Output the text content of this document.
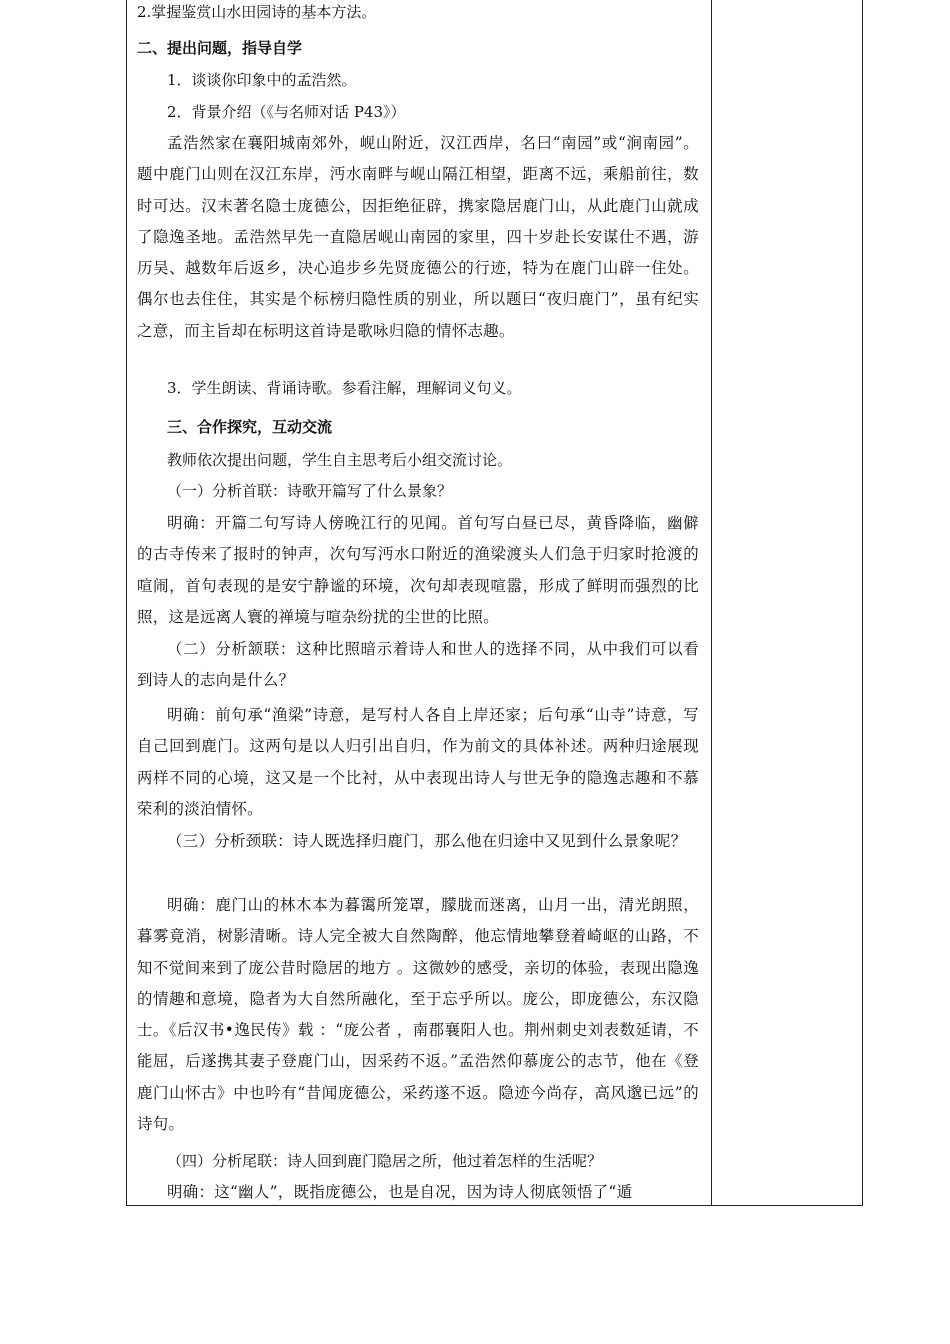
2.掌握鉴赏山水田园诗的基本方法。
二、提出问题，指导自学
1．谈谈你印象中的孟浩然。
2．背景介绍（《与名师对话 P43》）
孟浩然家在襄阳城南郊外，岘山附近，汉江西岸，名曰“南园”或“涧南园”。题中鹿门山则在汉江东岸，沔水南畔与岘山隔江相望，距离不远，乘船前往，数时可达。汉末著名隐士庞德公，因拒绝征辟，携家隐居鹿门山，从此鹿门山就成了隐逸圣地。孟浩然早先一直隐居岘山南园的家里，四十岁赴长安谋仕不遇，游历吴、越数年后返乡，决心追步乡先贤庞德公的行迹，特为在鹿门山辟一住处。偶尔也去住住，其实是个标榜归隐性质的别业，所以题曰“夜归鹿门”，虽有纪实之意，而主旨却在标明这首诗是歌咏归隐的情怀志趣。
3．学生朗读、背诵诗歌。参看注解，理解词义句义。
三、合作探究，互动交流
教师依次提出问题，学生自主思考后小组交流讨论。
（一）分析首联：诗歌开篇写了什么景象？
明确：开篇二句写诗人傍晚江行的见闻。首句写白昼已尽，黄昏降临，幽僻的古寺传来了报时的钟声，次句写沔水口附近的渔梁渡头人们急于归家时抢渡的喧闹，首句表现的是安宁静谧的环境，次句却表现喧嚣，形成了鲜明而强烈的比照，这是远离人寰的禅境与喧杂纷扰的尘世的比照。
（二）分析颔联：这种比照暗示着诗人和世人的选择不同，从中我们可以看到诗人的志向是什么？
明确：前句承“渔梁”诗意，是写村人各自上岸还家；后句承“山寺”诗意，写自己回到鹿门。这两句是以人归引出自归，作为前文的具体补述。两种归途展现两样不同的心境，这又是一个比衬，从中表现出诗人与世无争的隐逸志趣和不慕荣利的淡泊情怀。
（三）分析颈联：诗人既选择归鹿门，那么他在归途中又见到什么景象呢？
明确：鹿门山的林木本为暮霭所笼罩，朦胧而迷离，山月一出，清光朗照，暮雾竟消，树影清晰。诗人完全被大自然陶醉，他忘情地攀登着崎岖的山路，不知不觉间来到了庞公昔时隐居的地方 。这微妙的感受，亲切的体验，表现出隐逸的情趣和意境，隐者为大自然所融化，至于忘乎所以。庞公，即庞德公，东汉隐士。《后汉书•逸民传》载 ：“庞公者 ，南郡襄阳人也。荆州刺史刘表数延请，不能屈，后遂携其妻子登鹿门山，因采药不返。”孟浩然仰慕庞公的志节，他在《登鹿门山怀古》中也吟有“昔闻庞德公，采药遂不返。隐迹今尚存，高风邈已远”的诗句。
（四）分析尾联：诗人回到鹿门隐居之所，他过着怎样的生活呢？
明确：这“幽人”，既指庞德公，也是自况，因为诗人彻底领悟了“遁
